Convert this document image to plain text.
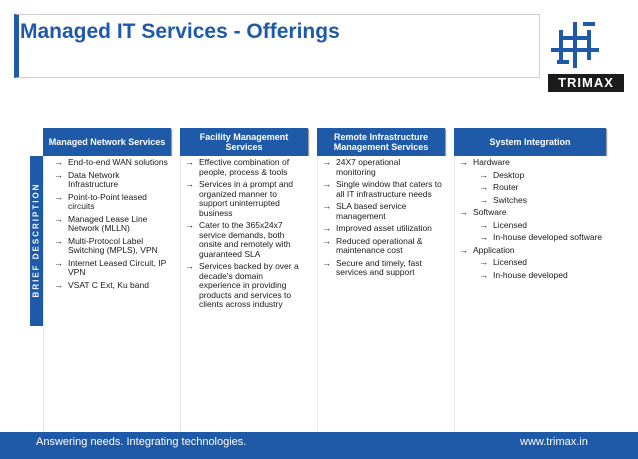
Managed IT Services - Offerings
TRIMAX
BRIEF DESCRIPTION
Managed Network Services	Facility Management Services
Remote Infrastructure Management Services	System Integration
→ End-to-end WAN solutions
→ Data Network Infrastructure
→ Point-to-Point leased circuits
→ Managed Lease Line Network (MLLN)
→ Multi-Protocol Label Switching (MPLS), VPN
→ Internet Leased Circuit, IP VPN
→ VSAT C Ext, Ku band
→ Effective combination of people, process & tools
→ Services in a prompt and organized manner to support uninterrupted business
→ Cater to the 365x24x7 service demands, both onsite and remotely with guaranteed SLA
→ Services backed by over a decade's domain experience in providing products and services to clients across industry
→ 24X7 operational monitoring
→ Single window that caters to all IT infrastructure needs
→ SLA based service management
→ Improved asset utilization
→ Reduced operational & maintenance cost
→ Secure and timely, fast services and support
→ Hardware
→ Desktop
→ Router
→ Switches
→ Software
→ Licensed
→ In-house developed software
→ Application
→ Licensed
→ In-house developed
Answering needs. Integrating technologies.	www.trimax.in
